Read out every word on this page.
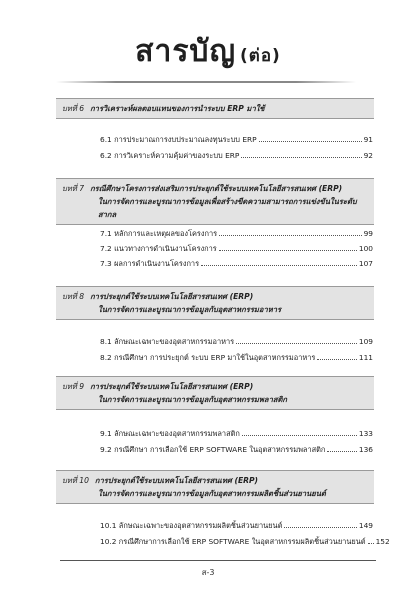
สารบัญ (ต่อ)
บทที่ 6 การวิเคราะห์ผลตอบแทนของการนำระบบ ERP มาใช้
6.1 การประมาณการงบประมาณลงทุนระบบ ERP	91
6.2 การวิเคราะห์ความคุ้มค่าของระบบ ERP	92
บทที่ 7 กรณีศึกษาโครงการส่งเสริมการประยุกต์ใช้ระบบเทคโนโลยีสารสนเทศ (ERP)
ในการจัดการและบูรณาการข้อมูลเพื่อสร้างขีดความสามารถการแข่งขันในระดับสากล
7.1 หลักการและเหตุผลของโครงการ	99
7.2 แนวทางการดำเนินงานโครงการ	100
7.3 ผลการดำเนินงานโครงการ	107
บทที่ 8 การประยุกต์ใช้ระบบเทคโนโลยีสารสนเทศ (ERP)
ในการจัดการและบูรณาการข้อมูลกับอุตสาหกรรมอาหาร
8.1 ลักษณะเฉพาะของอุตสาหกรรมอาหาร	109
8.2 กรณีศึกษา การประยุกต์ ระบบ ERP มาใช้ในอุตสาหกรรมอาหาร	111
บทที่ 9 การประยุกต์ใช้ระบบเทคโนโลยีสารสนเทศ (ERP)
ในการจัดการและบูรณาการข้อมูลกับอุตสาหกรรมพลาสติก
9.1 ลักษณะเฉพาะของอุตสาหกรรมพลาสติก	133
9.2 กรณีศึกษา การเลือกใช้ ERP SOFTWARE ในอุตสาหกรรมพลาสติก	136
บทที่ 10 การประยุกต์ใช้ระบบเทคโนโลยีสารสนเทศ (ERP)
ในการจัดการและบูรณาการข้อมูลกับอุตสาหกรรมผลิตชิ้นส่วนยานยนต์
10.1 ลักษณะเฉพาะของอุตสาหกรรมผลิตชิ้นส่วนยานยนต์	149
10.2 กรณีศึกษาการเลือกใช้ ERP SOFTWARE ในอุตสาหกรรมผลิตชิ้นส่วนยานยนต์ 152
ส-3
